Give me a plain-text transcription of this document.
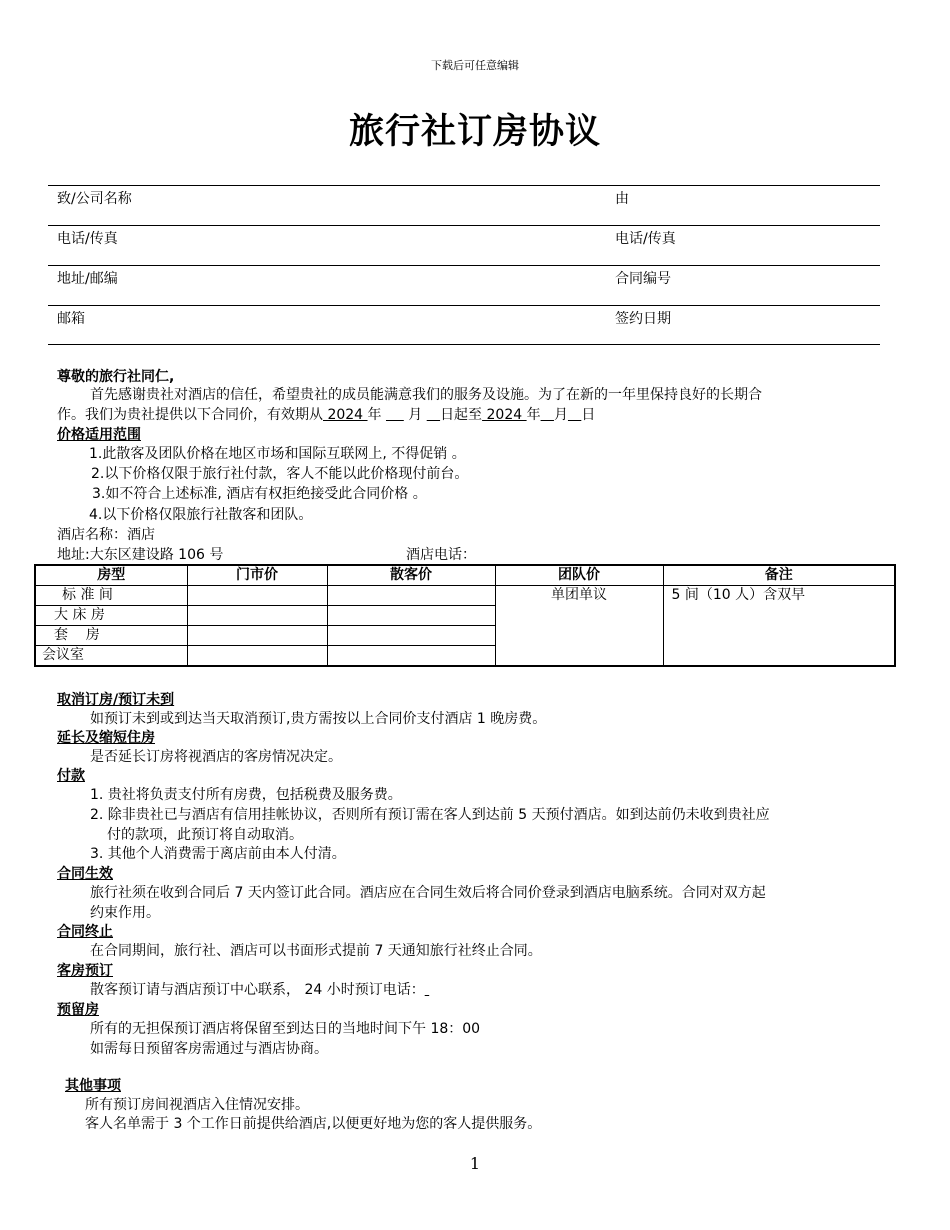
下载后可任意编辑
旅行社订房协议
致/公司名称	由
电话/传真	电话/传真
地址/邮编	合同编号
邮箱	签约日期
尊敬的旅行社同仁,
首先感谢贵社对酒店的信任，希望贵社的成员能满意我们的服务及设施。为了在新的一年里保持良好的长期合
作。我们为贵社提供以下合同价，有效期从 2024 年      月    日起至 2024 年 月 日
价格适用范围
1.此散客及团队价格在地区市场和国际互联网上, 不得促销 。
2.以下价格仅限于旅行社付款，客人不能以此价格现付前台。
3.如不符合上述标准, 酒店有权拒绝接受此合同价格 。
4.以下价格仅限旅行社散客和团队。
酒店名称：酒店
地址:大东区建设路 106 号	酒店电话：
房型	门市价	散客价	团队价	备注
标 准 间			单团单议	5 间（10 人）含双早
大 床 房				
套    房				
会议室				
取消订房/预订未到
如预订未到或到达当天取消预订,贵方需按以上合同价支付酒店 1 晚房费。
延长及缩短住房
是否延长订房将视酒店的客房情况决定。
付款
1. 贵社将负责支付所有房费，包括税费及服务费。
2. 除非贵社已与酒店有信用挂帐协议，否则所有预订需在客人到达前 5 天预付酒店。如到达前仍未收到贵社应
付的款项，此预订将自动取消。
3. 其他个人消费需于离店前由本人付清。
合同生效
旅行社须在收到合同后 7 天内签订此合同。酒店应在合同生效后将合同价登录到酒店电脑系统。合同对双方起
约束作用。
合同终止
在合同期间，旅行社、酒店可以书面形式提前 7 天通知旅行社终止合同。
客房预订
散客预订请与酒店预订中心联系， 24 小时预订电话：
预留房
所有的无担保预订酒店将保留至到达日的当地时间下午 18：00
如需每日预留客房需通过与酒店协商。
其他事项
所有预订房间视酒店入住情况安排。
客人名单需于 3 个工作日前提供给酒店,以便更好地为您的客人提供服务。
1
